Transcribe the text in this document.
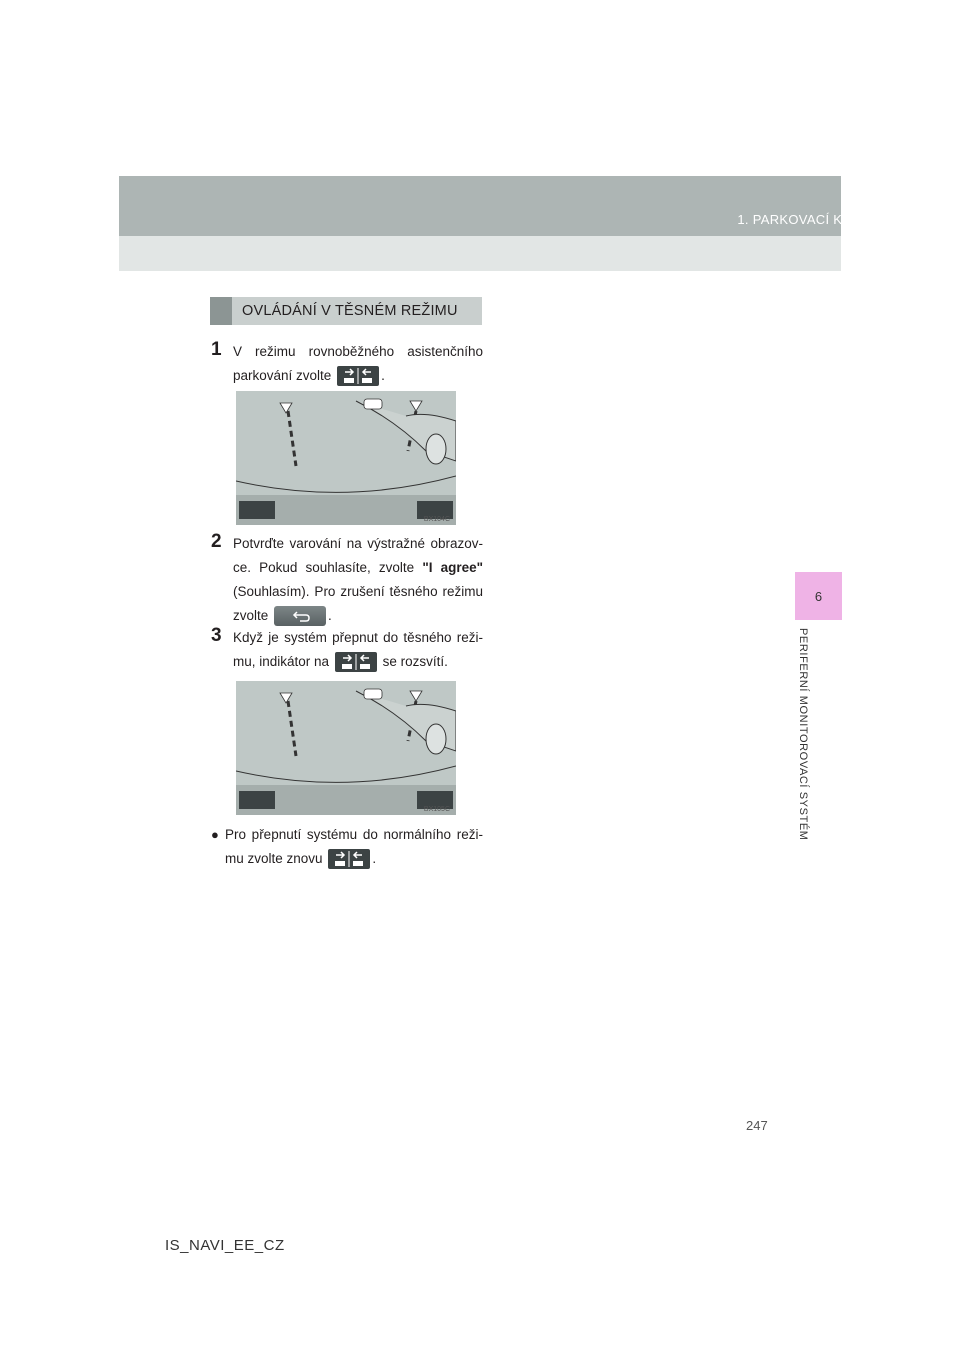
1. PARKOVACÍ KAMERA
6
PERIFERNÍ MONITOROVACÍ SYSTÉM
OVLÁDÁNÍ V TĚSNÉM REŽIMU
1 V režimu rovnoběžného asistenčního parkování zvolte	.
BX104C
2 Potvrďte varování na výstražné obrazov-ce. Pokud souhlasíte, zvolte "I agree" (Souhlasím). Pro zrušení těsného režimu zvolte	.
3 Když je systém přepnut do těsného reži-mu, indikátor na	se rozsvítí.
BX105C
● Pro přepnutí systému do normálního reži-mu zvolte znovu	.
247
IS_NAVI_EE_CZ
